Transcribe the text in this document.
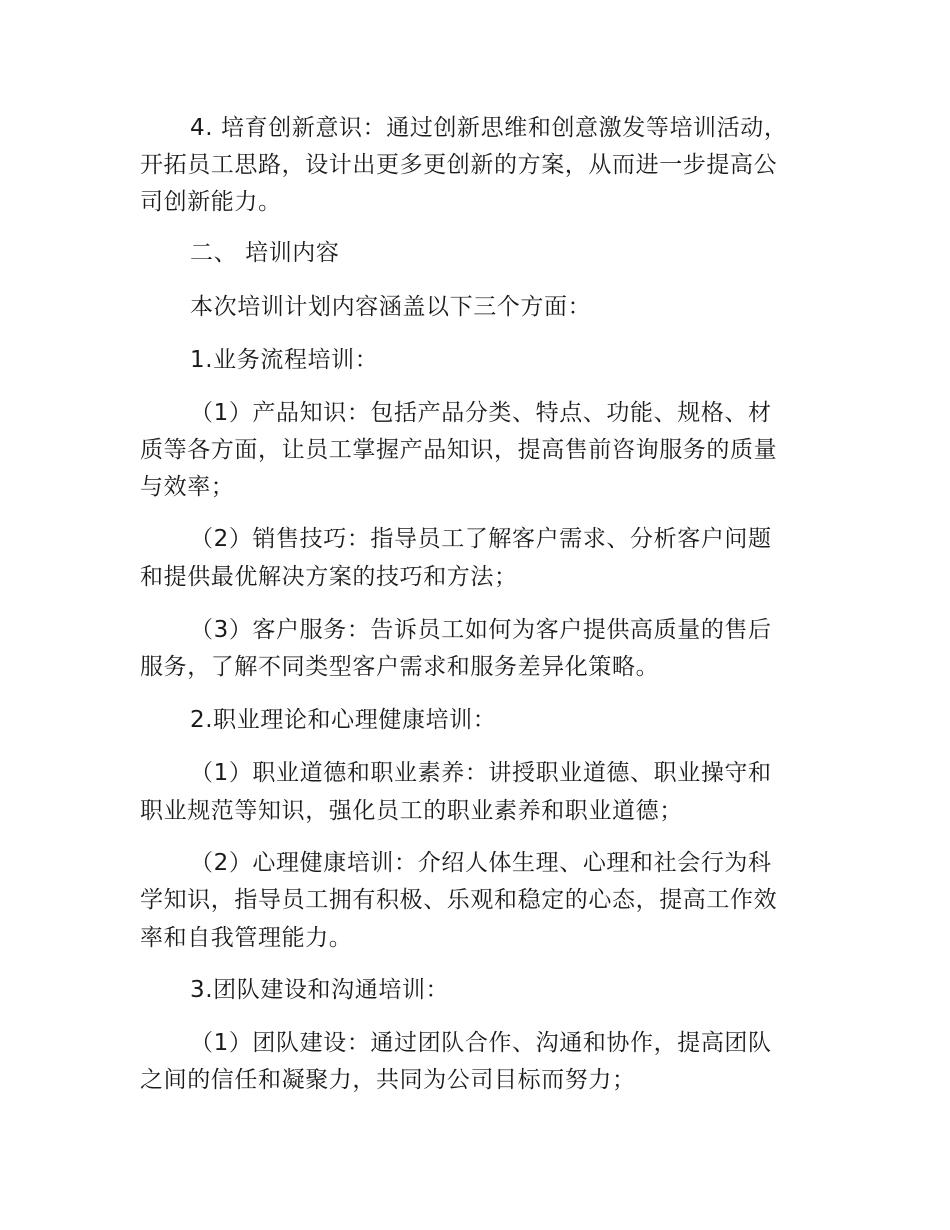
4. 培育创新意识：通过创新思维和创意激发等培训活动，
开拓员工思路，设计出更多更创新的方案，从而进一步提高公
司创新能力。
二、 培训内容
本次培训计划内容涵盖以下三个方面：
1.业务流程培训：
（1）产品知识：包括产品分类、特点、功能、规格、材
质等各方面，让员工掌握产品知识，提高售前咨询服务的质量
与效率；
（2）销售技巧：指导员工了解客户需求、分析客户问题
和提供最优解决方案的技巧和方法；
（3）客户服务：告诉员工如何为客户提供高质量的售后
服务，了解不同类型客户需求和服务差异化策略。
2.职业理论和心理健康培训：
（1）职业道德和职业素养：讲授职业道德、职业操守和
职业规范等知识，强化员工的职业素养和职业道德；
（2）心理健康培训：介绍人体生理、心理和社会行为科
学知识，指导员工拥有积极、乐观和稳定的心态，提高工作效
率和自我管理能力。
3.团队建设和沟通培训：
（1）团队建设：通过团队合作、沟通和协作，提高团队
之间的信任和凝聚力，共同为公司目标而努力；
